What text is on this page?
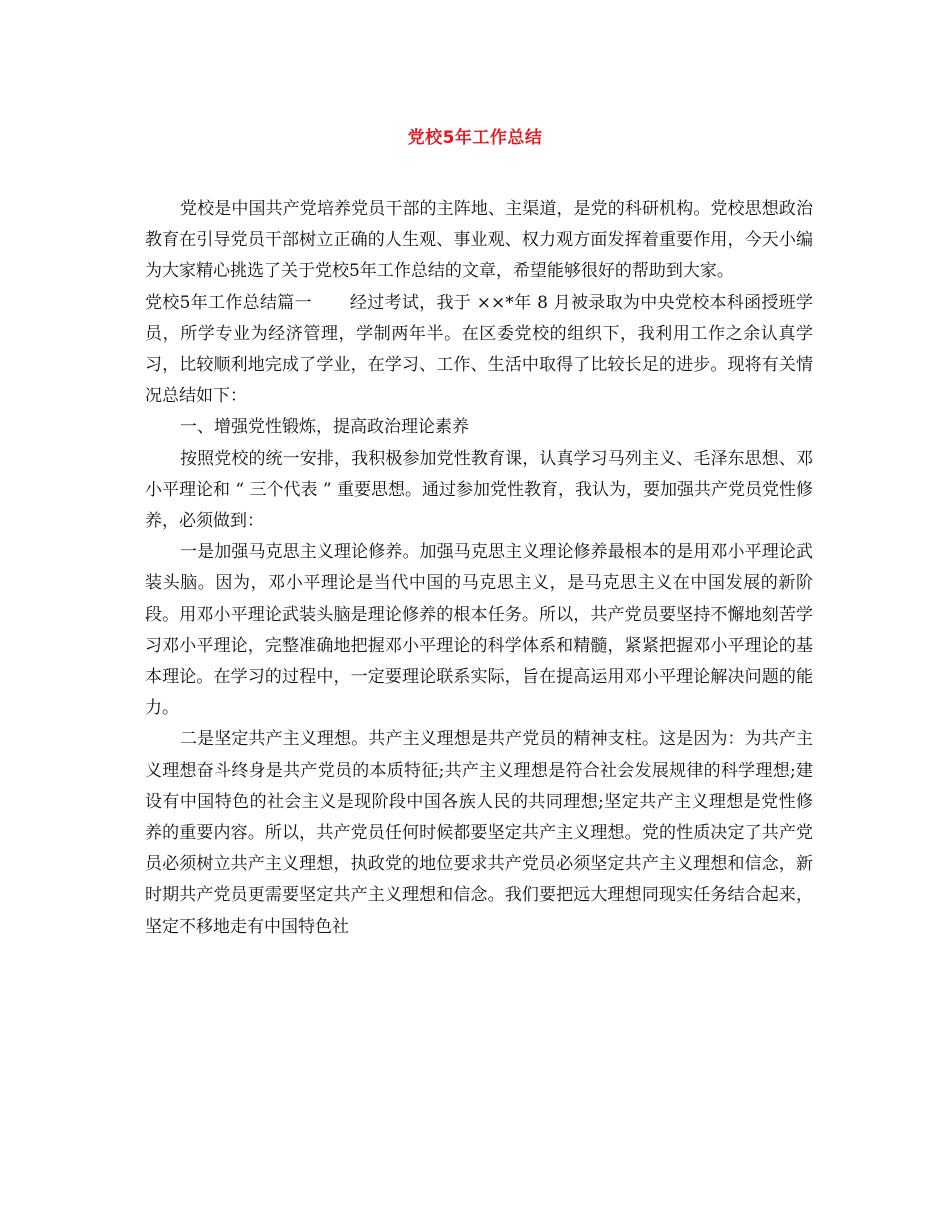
党校5年工作总结

党校是中国共产党培养党员干部的主阵地、主渠道，是党的科研机构。党校思想政治教育在引导党员干部树立正确的人生观、事业观、权力观方面发挥着重要作用，今天小编为大家精心挑选了关于党校5年工作总结的文章，希望能够很好的帮助到大家。

党校5年工作总结篇一 经过考试，我于 ××*年 8 月被录取为中央党校本科函授班学员，所学专业为经济管理，学制两年半。在区委党校的组织下，我利用工作之余认真学习，比较顺利地完成了学业，在学习、工作、生活中取得了比较长足的进步。现将有关情况总结如下：

一、增强党性锻炼，提高政治理论素养

按照党校的统一安排，我积极参加党性教育课，认真学习马列主义、毛泽东思想、邓小平理论和 “ 三个代表 ” 重要思想。通过参加党性教育，我认为，要加强共产党员党性修养，必须做到：

一是加强马克思主义理论修养。加强马克思主义理论修养最根本的是用邓小平理论武装头脑。因为，邓小平理论是当代中国的马克思主义，是马克思主义在中国发展的新阶段。用邓小平理论武装头脑是理论修养的根本任务。所以，共产党员要坚持不懈地刻苦学习邓小平理论，完整准确地把握邓小平理论的科学体系和精髓，紧紧把握邓小平理论的基本理论。在学习的过程中，一定要理论联系实际，旨在提高运用邓小平理论解决问题的能力。

二是坚定共产主义理想。共产主义理想是共产党员的精神支柱。这是因为：为共产主义理想奋斗终身是共产党员的本质特征;共产主义理想是符合社会发展规律的科学理想;建设有中国特色的社会主义是现阶段中国各族人民的共同理想;坚定共产主义理想是党性修养的重要内容。所以，共产党员任何时候都要坚定共产主义理想。党的性质决定了共产党员必须树立共产主义理想，执政党的地位要求共产党员必须坚定共产主义理想和信念，新时期共产党员更需要坚定共产主义理想和信念。我们要把远大理想同现实任务结合起来，坚定不移地走有中国特色社
